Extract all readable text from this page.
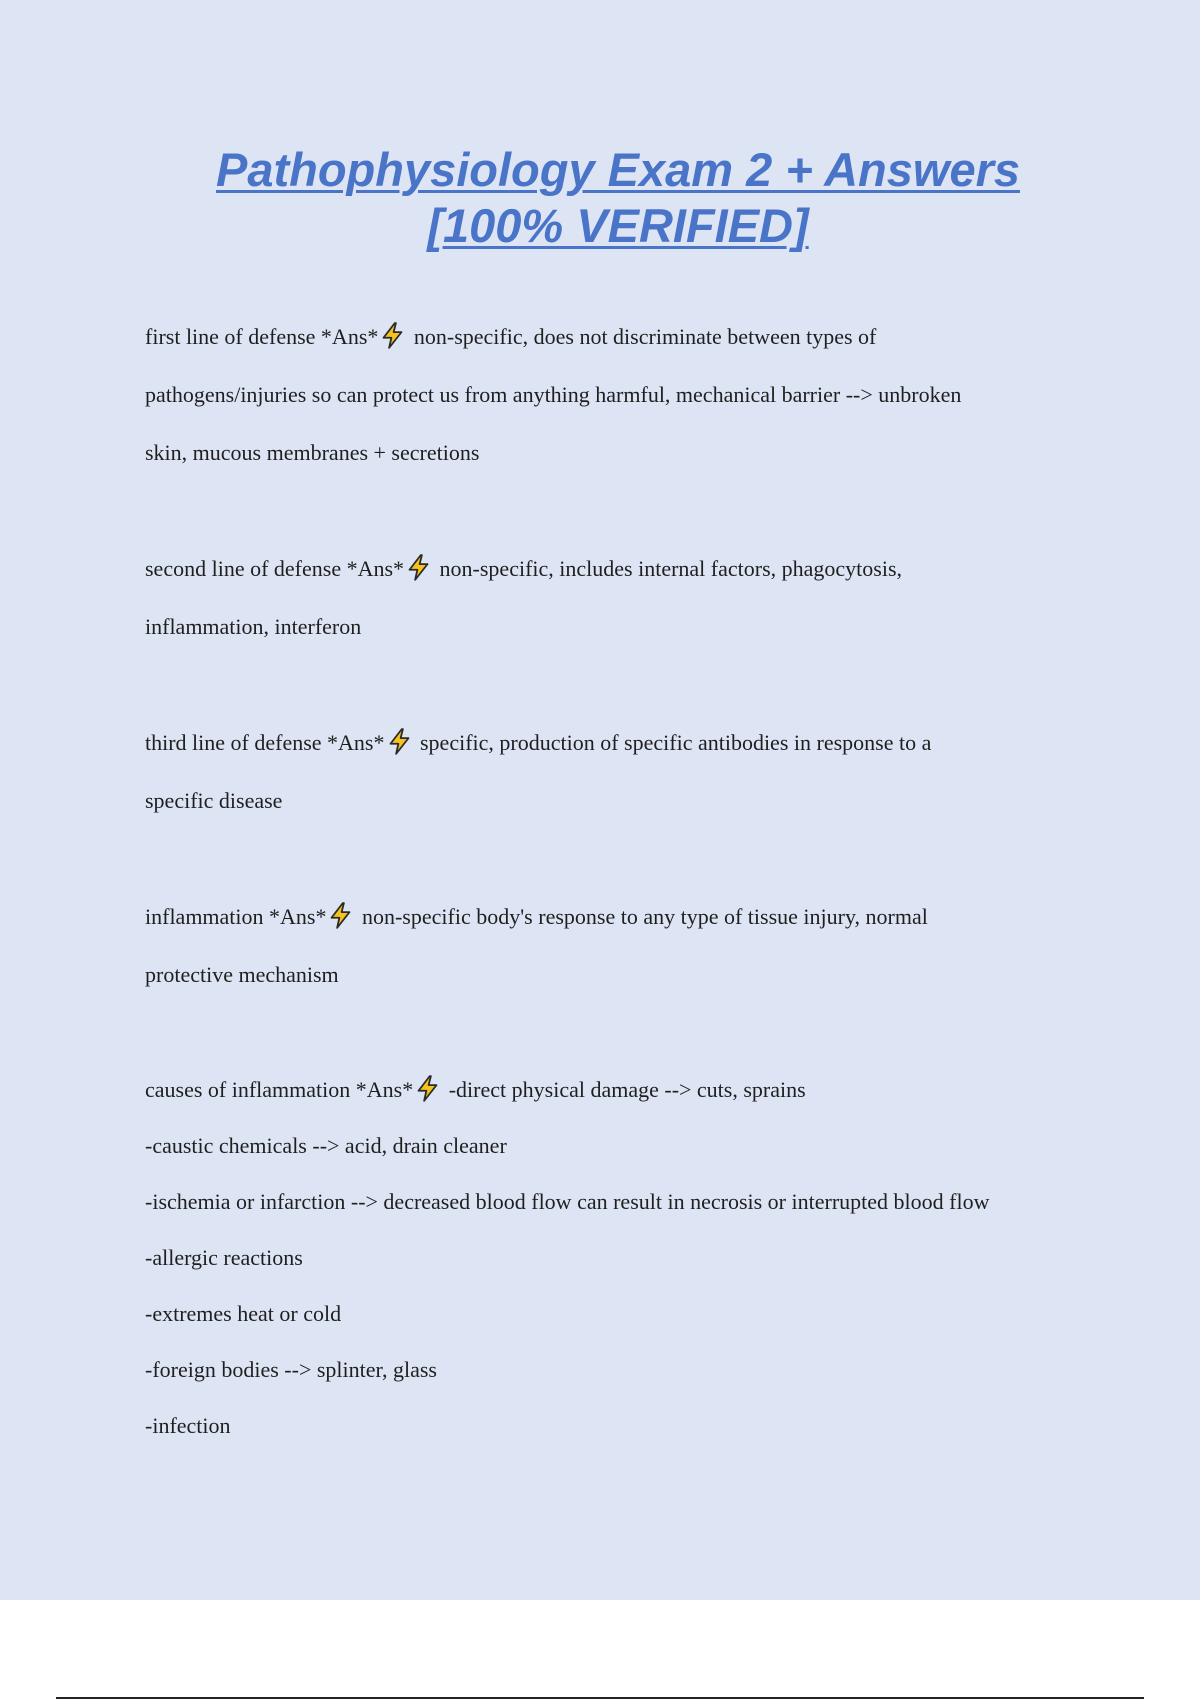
Pathophysiology Exam 2 + Answers
[100% VERIFIED]

first line of defense *Ans* non-specific, does not discriminate between types of

pathogens/injuries so can protect us from anything harmful, mechanical barrier --> unbroken

skin, mucous membranes + secretions

second line of defense *Ans* non-specific, includes internal factors, phagocytosis,

inflammation, interferon

third line of defense *Ans* specific, production of specific antibodies in response to a

specific disease

inflammation *Ans* non-specific body's response to any type of tissue injury, normal

protective mechanism

causes of inflammation *Ans* -direct physical damage --> cuts, sprains

-caustic chemicals --> acid, drain cleaner

-ischemia or infarction --> decreased blood flow can result in necrosis or interrupted blood flow

-allergic reactions

-extremes heat or cold

-foreign bodies --> splinter, glass

-infection
